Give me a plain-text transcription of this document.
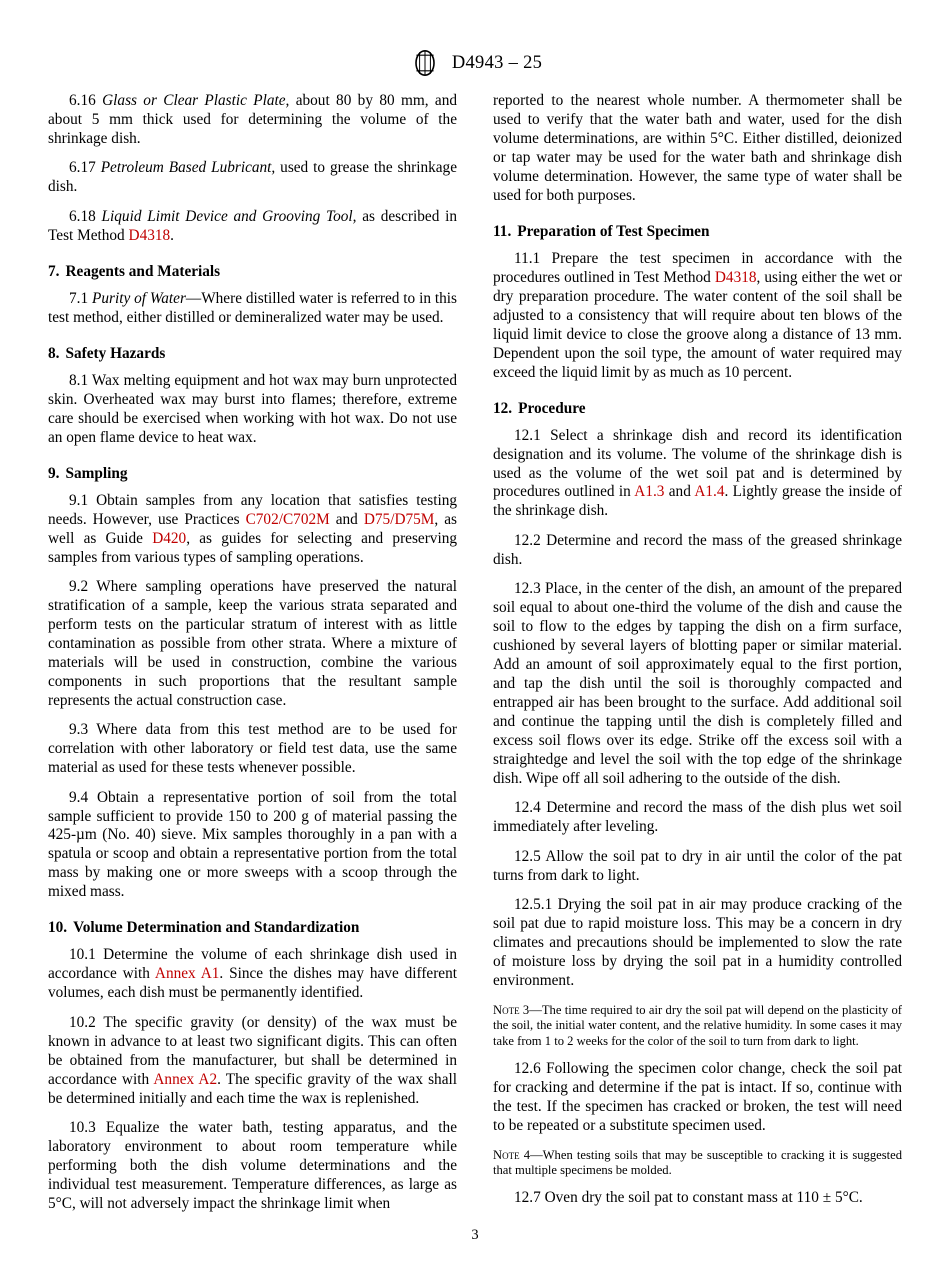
D4943 – 25

6.16 Glass or Clear Plastic Plate, about 80 by 80 mm, and about 5 mm thick used for determining the volume of the shrinkage dish.

6.17 Petroleum Based Lubricant, used to grease the shrinkage dish.

6.18 Liquid Limit Device and Grooving Tool, as described in Test Method D4318.

7. Reagents and Materials

7.1 Purity of Water—Where distilled water is referred to in this test method, either distilled or demineralized water may be used.

8. Safety Hazards

8.1 Wax melting equipment and hot wax may burn unprotected skin. Overheated wax may burst into flames; therefore, extreme care should be exercised when working with hot wax. Do not use an open flame device to heat wax.

9. Sampling

9.1 Obtain samples from any location that satisfies testing needs. However, use Practices C702/C702M and D75/D75M, as well as Guide D420, as guides for selecting and preserving samples from various types of sampling operations.

9.2 Where sampling operations have preserved the natural stratification of a sample, keep the various strata separated and perform tests on the particular stratum of interest with as little contamination as possible from other strata. Where a mixture of materials will be used in construction, combine the various components in such proportions that the resultant sample represents the actual construction case.

9.3 Where data from this test method are to be used for correlation with other laboratory or field test data, use the same material as used for these tests whenever possible.

9.4 Obtain a representative portion of soil from the total sample sufficient to provide 150 to 200 g of material passing the 425-µm (No. 40) sieve. Mix samples thoroughly in a pan with a spatula or scoop and obtain a representative portion from the total mass by making one or more sweeps with a scoop through the mixed mass.

10. Volume Determination and Standardization

10.1 Determine the volume of each shrinkage dish used in accordance with Annex A1. Since the dishes may have different volumes, each dish must be permanently identified.

10.2 The specific gravity (or density) of the wax must be known in advance to at least two significant digits. This can often be obtained from the manufacturer, but shall be determined in accordance with Annex A2. The specific gravity of the wax shall be determined initially and each time the wax is replenished.

10.3 Equalize the water bath, testing apparatus, and the laboratory environment to about room temperature while performing both the dish volume determinations and the individual test measurement. Temperature differences, as large as 5°C, will not adversely impact the shrinkage limit when

reported to the nearest whole number. A thermometer shall be used to verify that the water bath and water, used for the dish volume determinations, are within 5°C. Either distilled, deionized or tap water may be used for the water bath and shrinkage dish volume determination. However, the same type of water shall be used for both purposes.

11. Preparation of Test Specimen

11.1 Prepare the test specimen in accordance with the procedures outlined in Test Method D4318, using either the wet or dry preparation procedure. The water content of the soil shall be adjusted to a consistency that will require about ten blows of the liquid limit device to close the groove along a distance of 13 mm. Dependent upon the soil type, the amount of water required may exceed the liquid limit by as much as 10 percent.

12. Procedure

12.1 Select a shrinkage dish and record its identification designation and its volume. The volume of the shrinkage dish is used as the volume of the wet soil pat and is determined by procedures outlined in A1.3 and A1.4. Lightly grease the inside of the shrinkage dish.

12.2 Determine and record the mass of the greased shrinkage dish.

12.3 Place, in the center of the dish, an amount of the prepared soil equal to about one-third the volume of the dish and cause the soil to flow to the edges by tapping the dish on a firm surface, cushioned by several layers of blotting paper or similar material. Add an amount of soil approximately equal to the first portion, and tap the dish until the soil is thoroughly compacted and entrapped air has been brought to the surface. Add additional soil and continue the tapping until the dish is completely filled and excess soil flows over its edge. Strike off the excess soil with a straightedge and level the soil with the top edge of the shrinkage dish. Wipe off all soil adhering to the outside of the dish.

12.4 Determine and record the mass of the dish plus wet soil immediately after leveling.

12.5 Allow the soil pat to dry in air until the color of the pat turns from dark to light.

12.5.1 Drying the soil pat in air may produce cracking of the soil pat due to rapid moisture loss. This may be a concern in dry climates and precautions should be implemented to slow the rate of moisture loss by drying the soil pat in a humidity controlled environment.

Note 3—The time required to air dry the soil pat will depend on the plasticity of the soil, the initial water content, and the relative humidity. In some cases it may take from 1 to 2 weeks for the color of the soil to turn from dark to light.

12.6 Following the specimen color change, check the soil pat for cracking and determine if the pat is intact. If so, continue with the test. If the specimen has cracked or broken, the test will need to be repeated or a substitute specimen used.

Note 4—When testing soils that may be susceptible to cracking it is suggested that multiple specimens be molded.

12.7 Oven dry the soil pat to constant mass at 110 ± 5°C.

3
